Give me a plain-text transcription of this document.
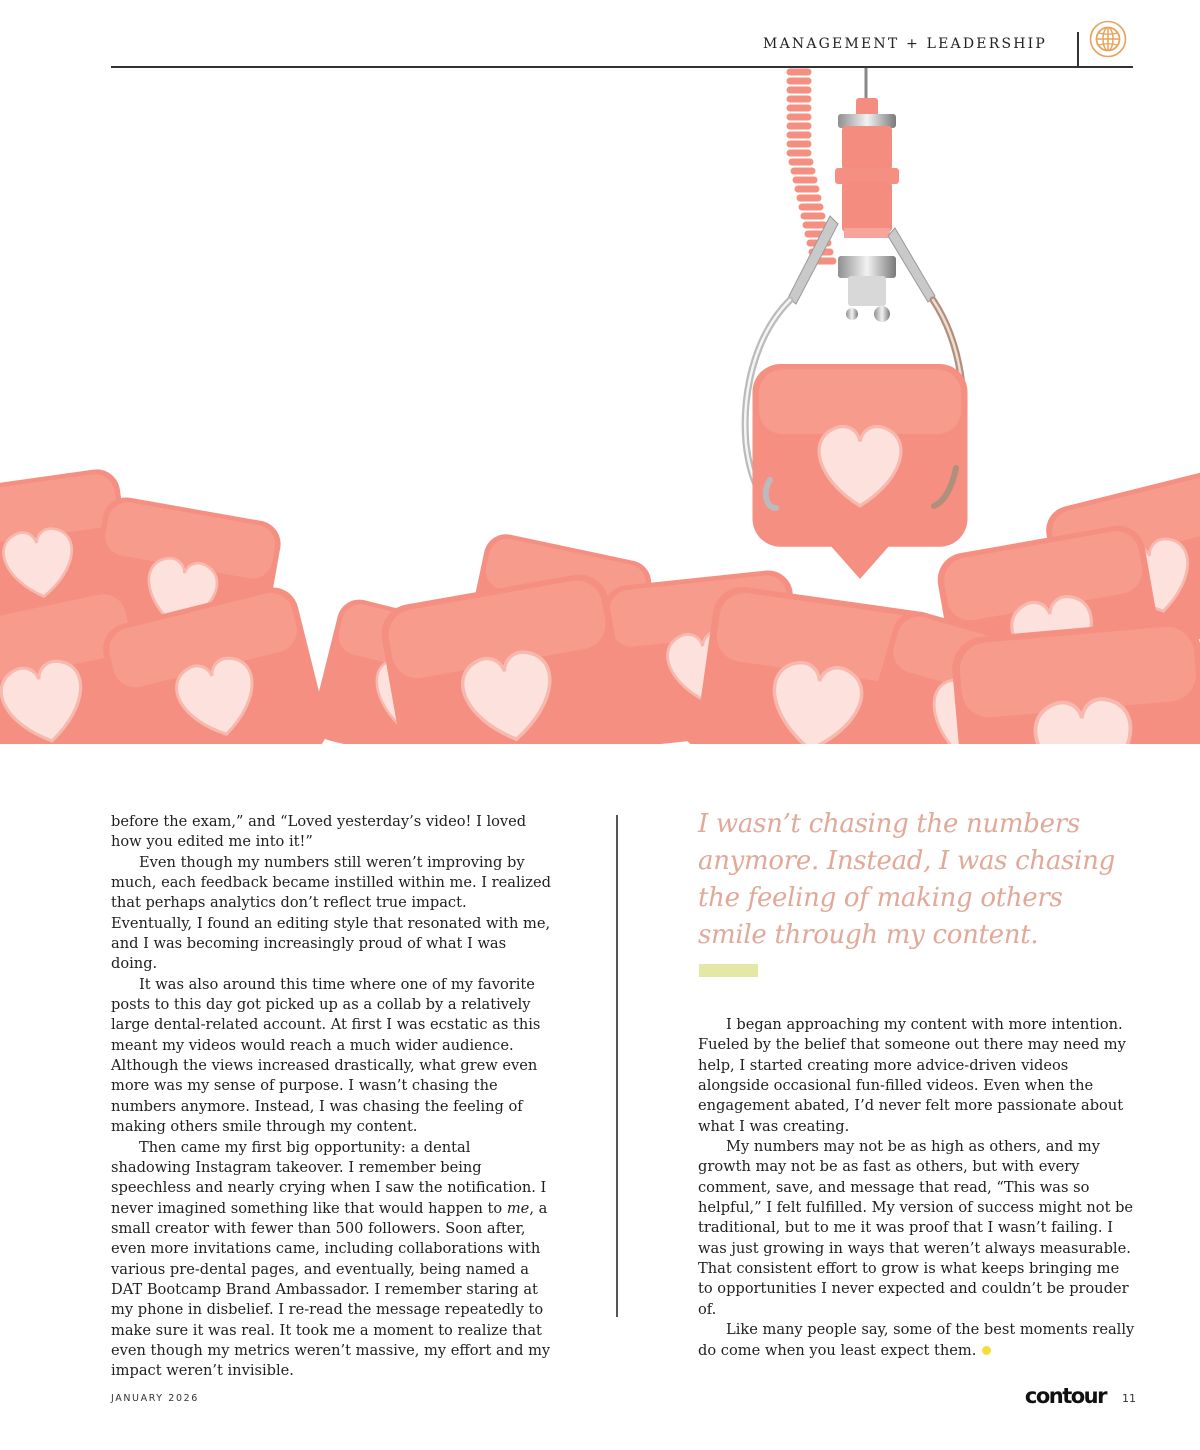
MANAGEMENT + LEADERSHIP

before the exam,” and “Loved yesterday’s video! I loved how you edited me into it!”

Even though my numbers still weren’t improving by much, each feedback became instilled within me. I realized that perhaps analytics don’t reflect true impact. Eventually, I found an editing style that resonated with me, and I was becoming increasingly proud of what I was doing.

It was also around this time where one of my favorite posts to this day got picked up as a collab by a relatively large dental-related account. At first I was ecstatic as this meant my videos would reach a much wider audience. Although the views increased drastically, what grew even more was my sense of purpose. I wasn’t chasing the numbers anymore. Instead, I was chasing the feeling of making others smile through my content.

Then came my first big opportunity: a dental shadowing Instagram takeover. I remember being speechless and nearly crying when I saw the notification. I never imagined something like that would happen to me, a small creator with fewer than 500 followers. Soon after, even more invitations came, including collaborations with various pre-dental pages, and eventually, being named a DAT Bootcamp Brand Ambassador. I remember staring at my phone in disbelief. I re-read the message repeatedly to make sure it was real. It took me a moment to realize that even though my metrics weren’t massive, my effort and my impact weren’t invisible.

I wasn’t chasing the numbers anymore. Instead, I was chasing the feeling of making others smile through my content.

I began approaching my content with more intention. Fueled by the belief that someone out there may need my help, I started creating more advice-driven videos alongside occasional fun-filled videos. Even when the engagement abated, I’d never felt more passionate about what I was creating.

My numbers may not be as high as others, and my growth may not be as fast as others, but with every comment, save, and message that read, “This was so helpful,” I felt fulfilled. My version of success might not be traditional, but to me it was proof that I wasn’t failing. I was just growing in ways that weren’t always measurable. That consistent effort to grow is what keeps bringing me to opportunities I never expected and couldn’t be prouder of.

Like many people say, some of the best moments really do come when you least expect them.

JANUARY 2026	contour 11
